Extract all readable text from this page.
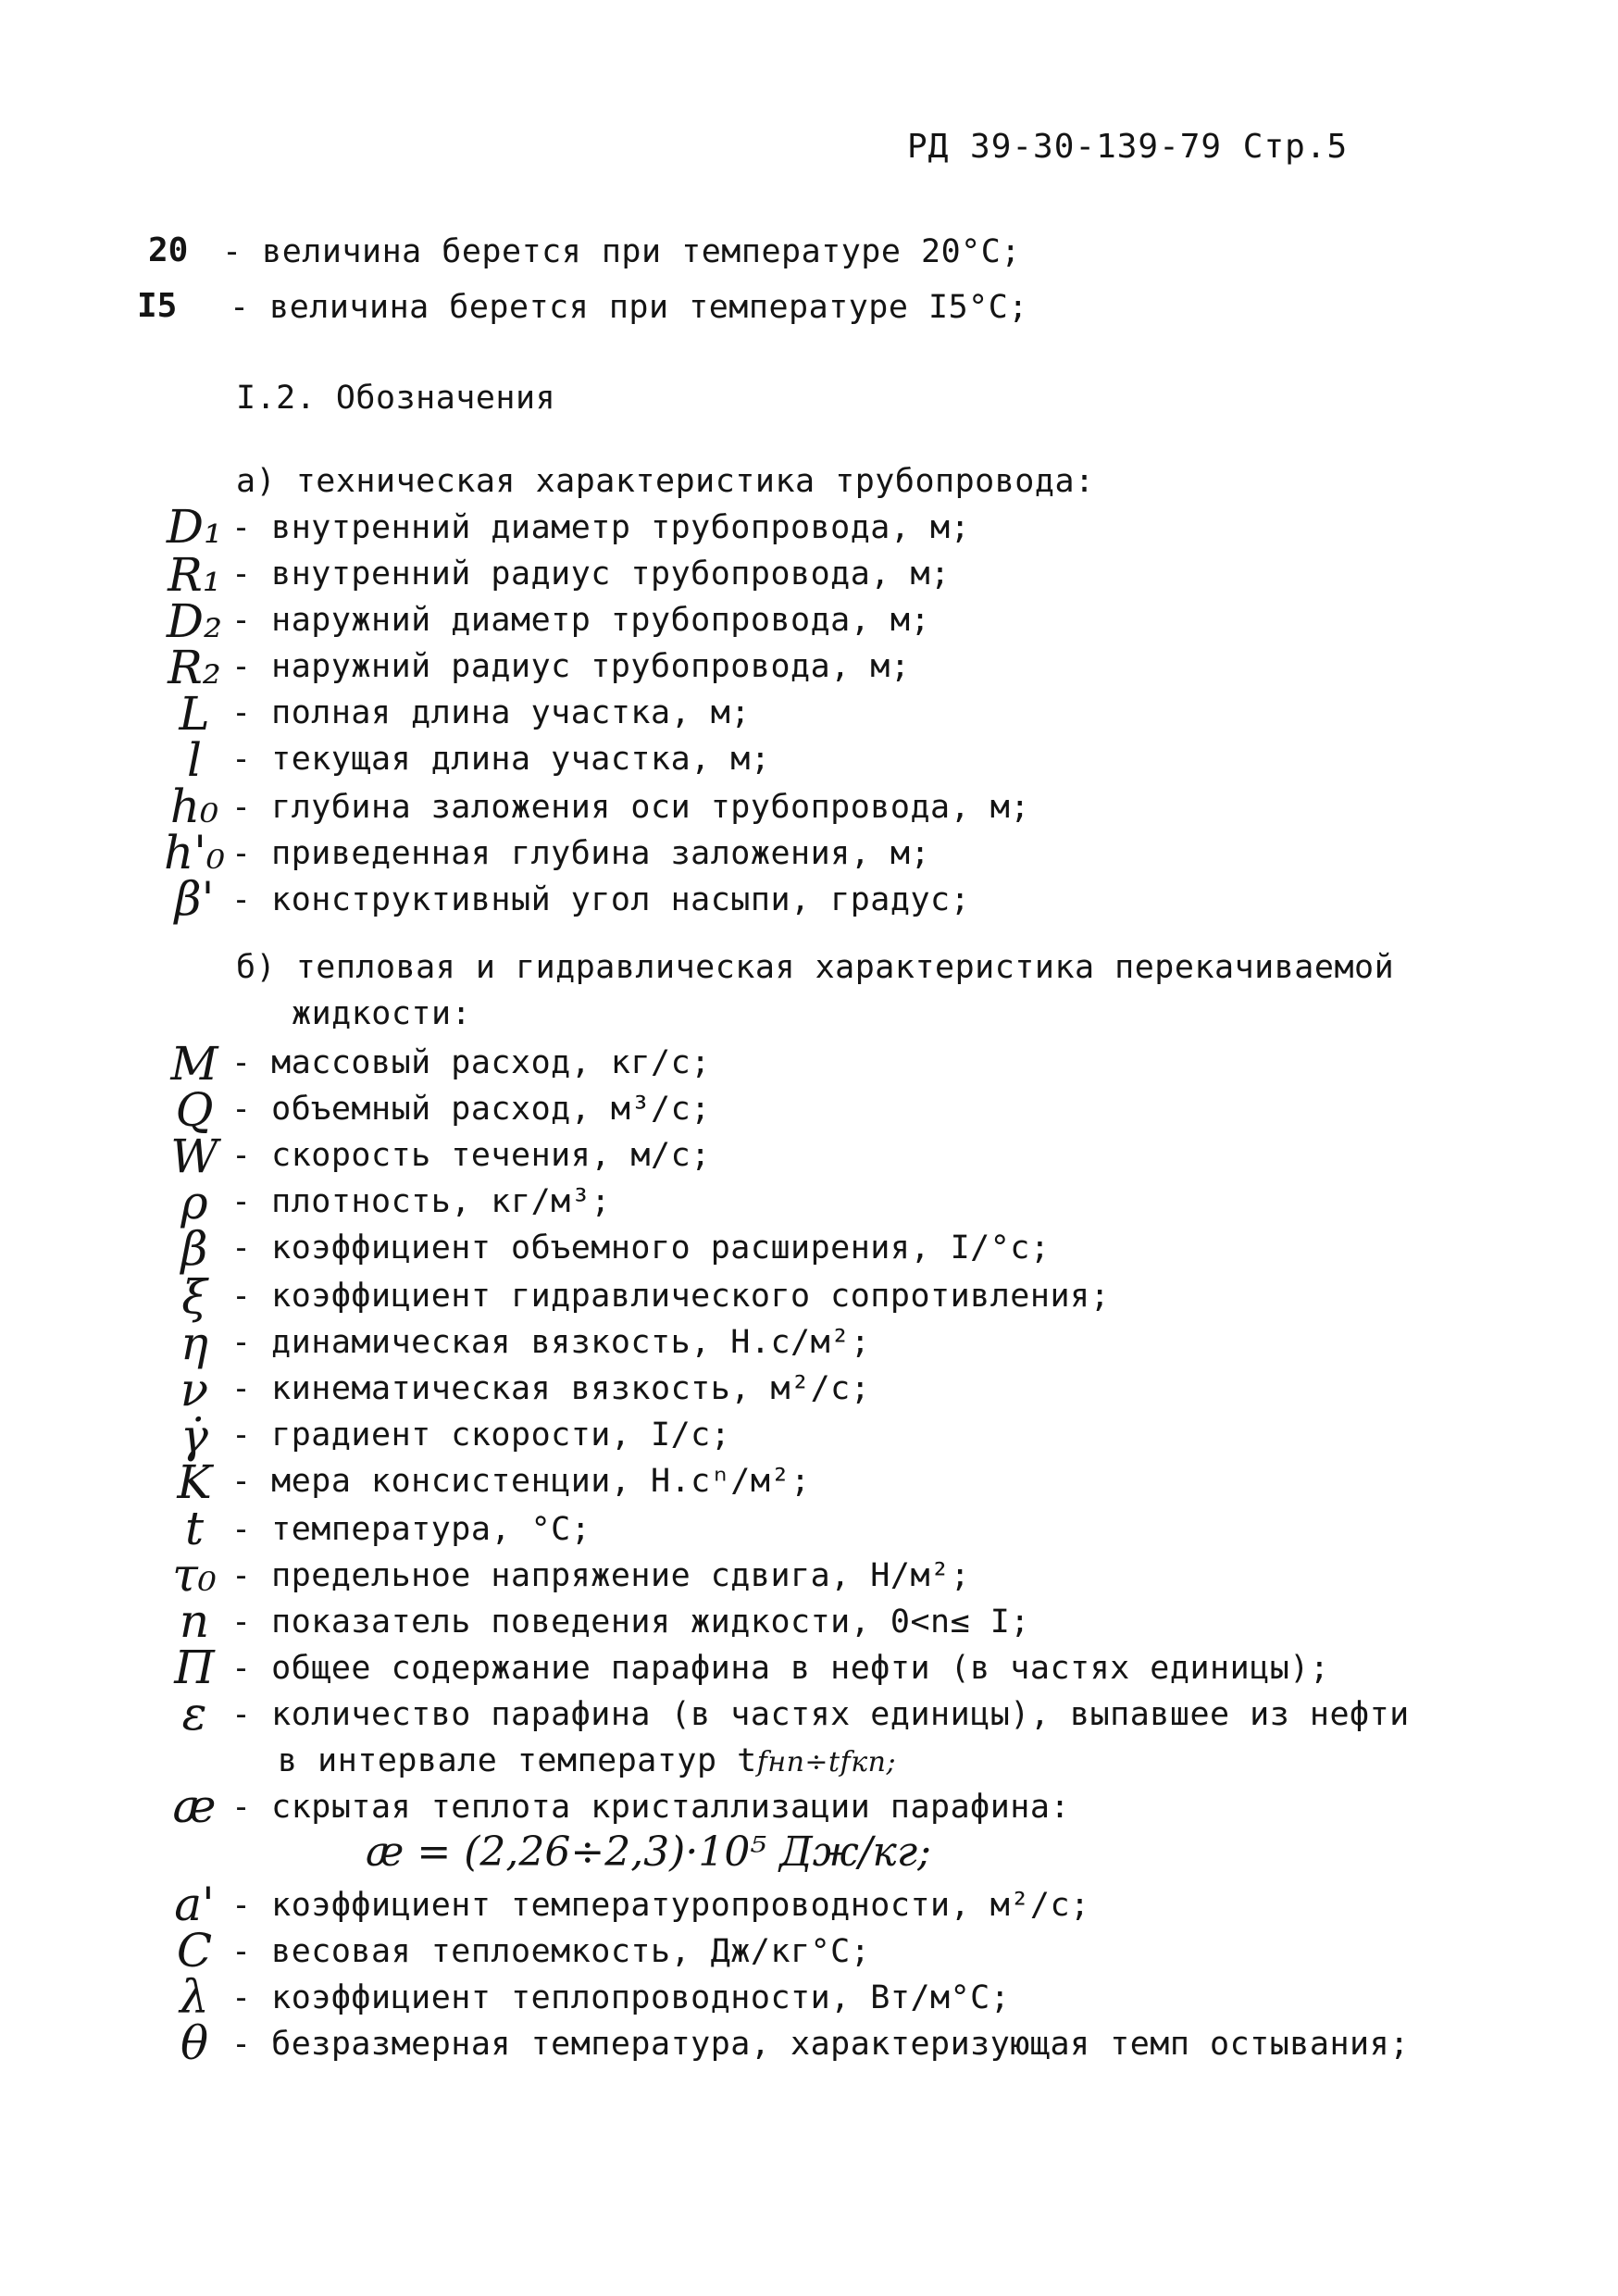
РД 39-30-139-79 Стр.5
20 - величина берется при температуре 20°С;
I5 - величина берется при температуре I5°С;
I.2. Обозначения
а) техническая характеристика трубопровода:
D₁ - внутренний диаметр трубопровода, м;
R₁ - внутренний радиус трубопровода, м;
D₂ - наружний диаметр трубопровода, м;
R₂ - наружний радиус трубопровода, м;
L - полная длина участка, м;
l - текущая длина участка, м;
h₀ - глубина заложения оси трубопровода, м;
h'₀ - приведенная глубина заложения, м;
β' - конструктивный угол насыпи, градус;
б) тепловая и гидравлическая характеристика перекачиваемой
жидкости:
M - массовый расход, кг/с;
Q - объемный расход, м³/с;
W - скорость течения, м/с;
ρ - плотность, кг/м³;
β - коэффициент объемного расширения, I/°с;
ξ - коэффициент гидравлического сопротивления;
η - динамическая вязкость, Н.с/м²;
ν - кинематическая вязкость, м²/с;
γ̇ - градиент скорости, I/с;
K - мера консистенции, Н.сⁿ/м²;
t - температура, °С;
τ₀ - предельное напряжение сдвига, Н/м²;
n - показатель поведения жидкости, 0<n≤ I;
П - общее содержание парафина в нефти (в частях единицы);
ε - количество парафина (в частях единицы), выпавшее из нефти
в интервале температур tfнп÷tfкп;
æ - скрытая теплота кристаллизации парафина:
æ = (2,26÷2,3)·10⁵ Дж/кг;
a' - коэффициент температуропроводности, м²/с;
C - весовая теплоемкость, Дж/кг°С;
λ - коэффициент теплопроводности, Вт/м°С;
θ - безразмерная температура, характеризующая темп остывания;
